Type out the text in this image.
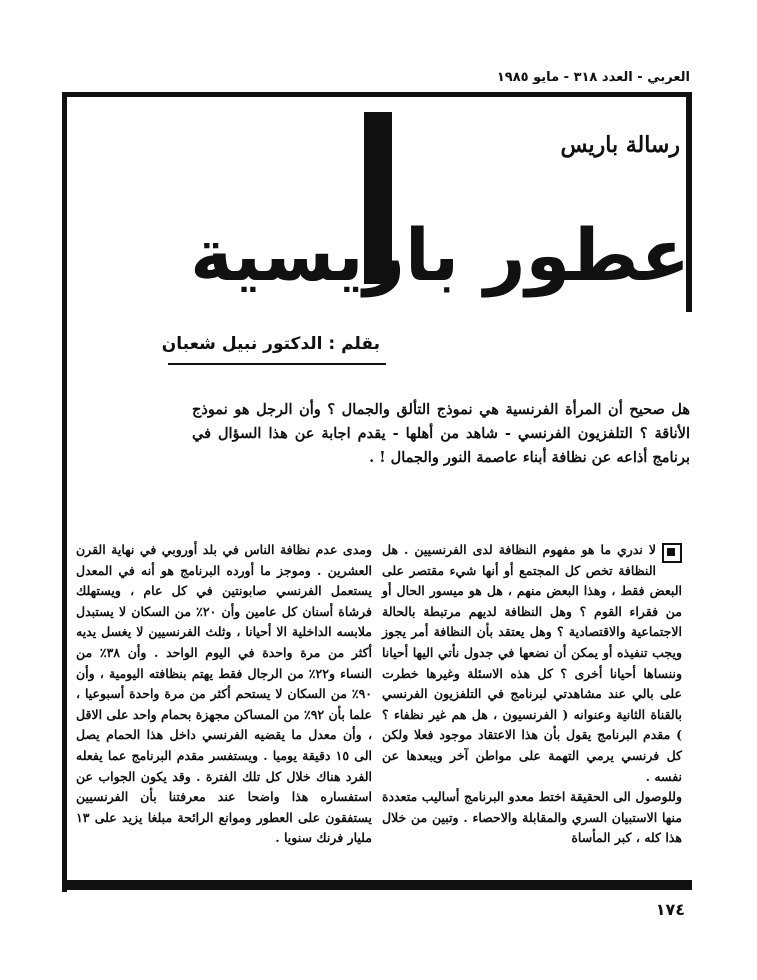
العربي - العدد ٣١٨ - مايو ١٩٨٥
رسالة باريس
عطور باريسية
بقلم : الدكتور نبيل شعبان
هل صحيح أن المرأة الفرنسية هي نموذج التألق والجمال ؟ وأن الرجل هو نموذج الأناقة ؟ التلفزيون الفرنسي - شاهد من أهلها - يقدم اجابة عن هذا السؤال في برنامج أذاعه عن نظافة أبناء عاصمة النور والجمال ! .

لا ندري ما هو مفهوم النظافة لدى الفرنسيين . هل النظافة تخص كل المجتمع أو أنها شيء مقتصر على البعض فقط ، وهذا البعض منهم ، هل هو ميسور الحال أو من فقراء القوم ؟ وهل النظافة لديهم مرتبطة بالحالة الاجتماعية والاقتصادية ؟ وهل يعتقد بأن النظافة أمر يجوز ويجب تنفيذه أو يمكن أن نضعها في جدول نأتي اليها أحيانا وننساها أحيانا أخرى ؟ كل هذه الاسئلة وغيرها خطرت على بالي عند مشاهدتي لبرنامج في التلفزيون الفرنسي بالقناة الثانية وعنوانه ( الفرنسيون ، هل هم غير نظفاء ؟ ) مقدم البرنامج يقول بأن هذا الاعتقاد موجود فعلا ولكن كل فرنسي يرمي التهمة على مواطن آخر ويبعدها عن نفسه .

وللوصول الى الحقيقة اختط معدو البرنامج أساليب متعددة منها الاستبيان السري والمقابلة والاحصاء . وتبين من خلال هذا كله ، كبر المأساة

ومدى عدم نظافة الناس في بلد أوروبي في نهاية القرن العشرين . وموجز ما أورده البرنامج هو أنه في المعدل يستعمل الفرنسي صابونتين في كل عام ، ويستهلك فرشاة أسنان كل عامين وأن ٢٠٪ من السكان لا يستبدل ملابسه الداخلية الا أحيانا ، وثلث الفرنسيين لا يغسل يديه أكثر من مرة واحدة في اليوم الواحد . وأن ٣٨٪ من النساء و٢٢٪ من الرجال فقط يهتم بنظافته اليومية ، وأن ٩٠٪ من السكان لا يستحم أكثر من مرة واحدة أسبوعيا ، علما بأن ٩٢٪ من المساكن مجهزة بحمام واحد على الاقل ، وأن معدل ما يقضيه الفرنسي داخل هذا الحمام يصل الى ١٥ دقيقة يوميا . ويستفسر مقدم البرنامج عما يفعله الفرد هناك خلال كل تلك الفترة . وقد يكون الجواب عن استفساره هذا واضحا عند معرفتنا بأن الفرنسيين يستفقون على العطور وموانع الرائحة مبلغا يزيد على ١٣ مليار فرنك سنويا .

١٧٤
